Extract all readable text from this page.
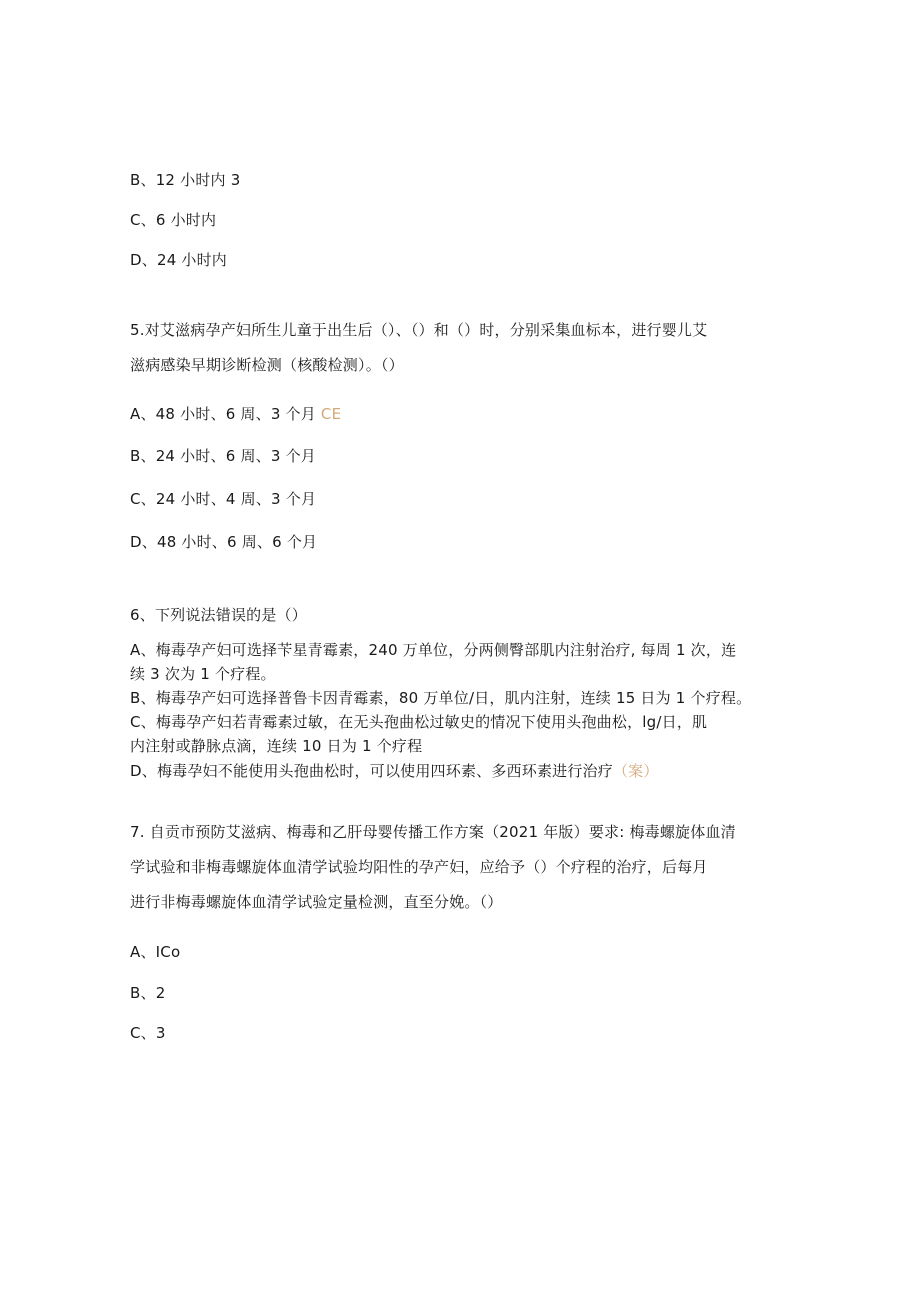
B、12 小时内 3
C、6 小时内
D、24 小时内
5.对艾滋病孕产妇所生儿童于出生后（）、（）和（）时，分别采集血标本，进行婴儿艾
滋病感染早期诊断检测（核酸检测）。（）
A、48 小时、6 周、3 个月 CE
B、24 小时、6 周、3 个月
C、24 小时、4 周、3 个月
D、48 小时、6 周、6 个月
6、下列说法错误的是（）
A、梅毒孕产妇可选择苄星青霉素，240 万单位，分两侧臀部肌内注射治疗, 每周 1 次，连
续 3 次为 1 个疗程。
B、梅毒孕产妇可选择普鲁卡因青霉素，80 万单位/日，肌内注射，连续 15 日为 1 个疗程。
C、梅毒孕产妇若青霉素过敏，在无头孢曲松过敏史的情况下使用头孢曲松，lg/日，肌
内注射或静脉点滴，连续 10 日为 1 个疗程
D、梅毒孕妇不能使用头孢曲松时，可以使用四环素、多西环素进行治疗（案）
7. 自贡市预防艾滋病、梅毒和乙肝母婴传播工作方案（2021 年版）要求: 梅毒螺旋体血清
学试验和非梅毒螺旋体血清学试验均阳性的孕产妇，应给予（）个疗程的治疗，后每月
进行非梅毒螺旋体血清学试验定量检测，直至分娩。（）
A、ICo
B、2
C、3
